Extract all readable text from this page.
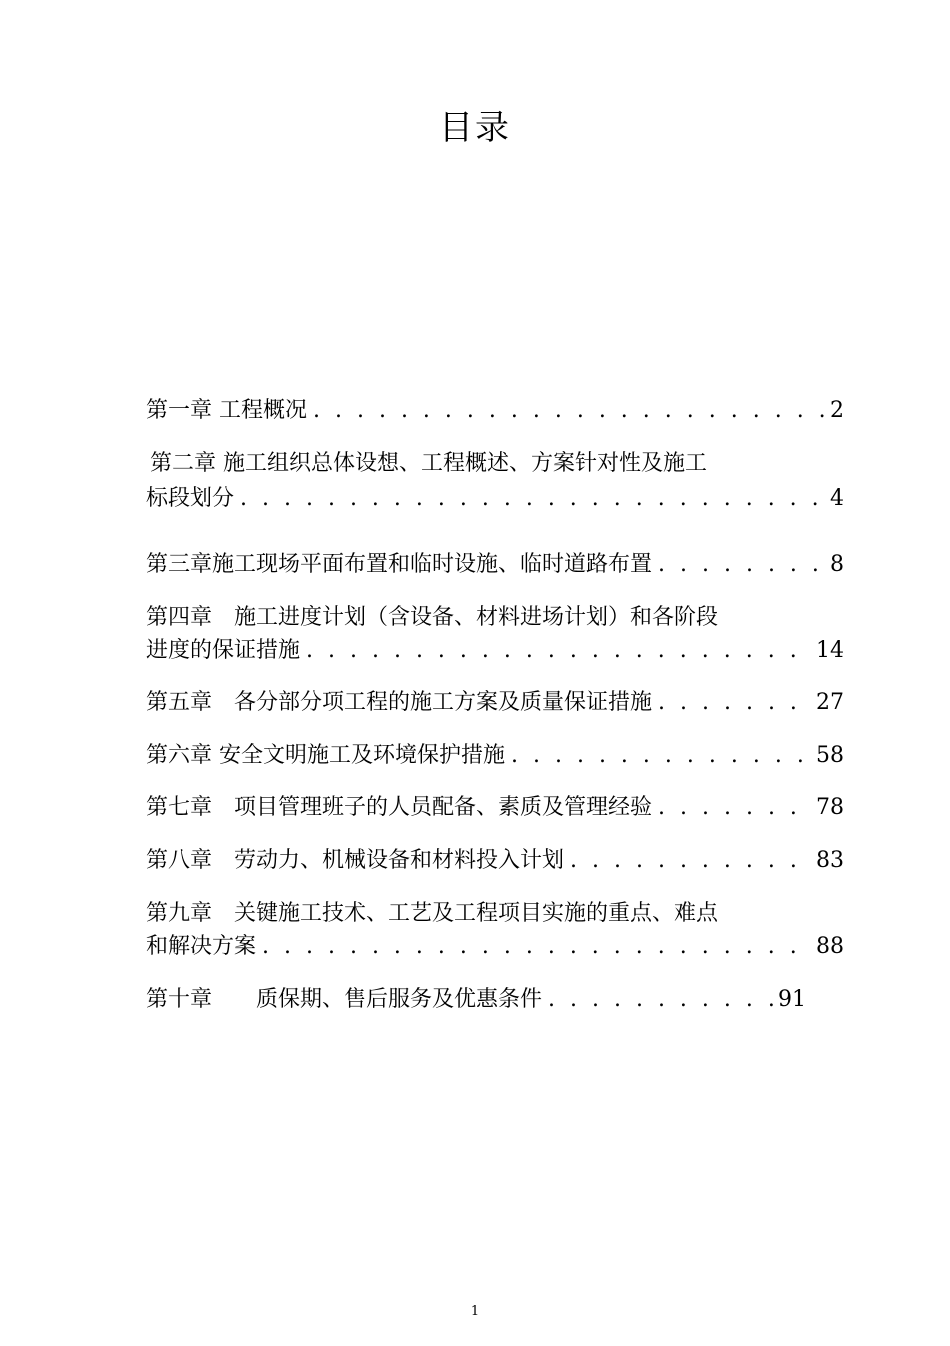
目录
第一章 工程概况 . . .	2
第二章 施工组织总体设想、工程概述、方案针对性及施工
标段划分 . . .	4
第三章施工现场平面布置和临时设施、临时道路布置 . . .	8
第四章　施工进度计划（含设备、材料进场计划）和各阶段
进度的保证措施 . . .	14
第五章　各分部分项工程的施工方案及质量保证措施 . . .	27
第六章 安全文明施工及环境保护措施 . . .	58
第七章　项目管理班子的人员配备、素质及管理经验 . . .	78
第八章　劳动力、机械设备和材料投入计划 . . .	83
第九章　关键施工技术、工艺及工程项目实施的重点、难点
和解决方案 . . .	88
第十章　　质保期、售后服务及优惠条件 . . .	91
1
